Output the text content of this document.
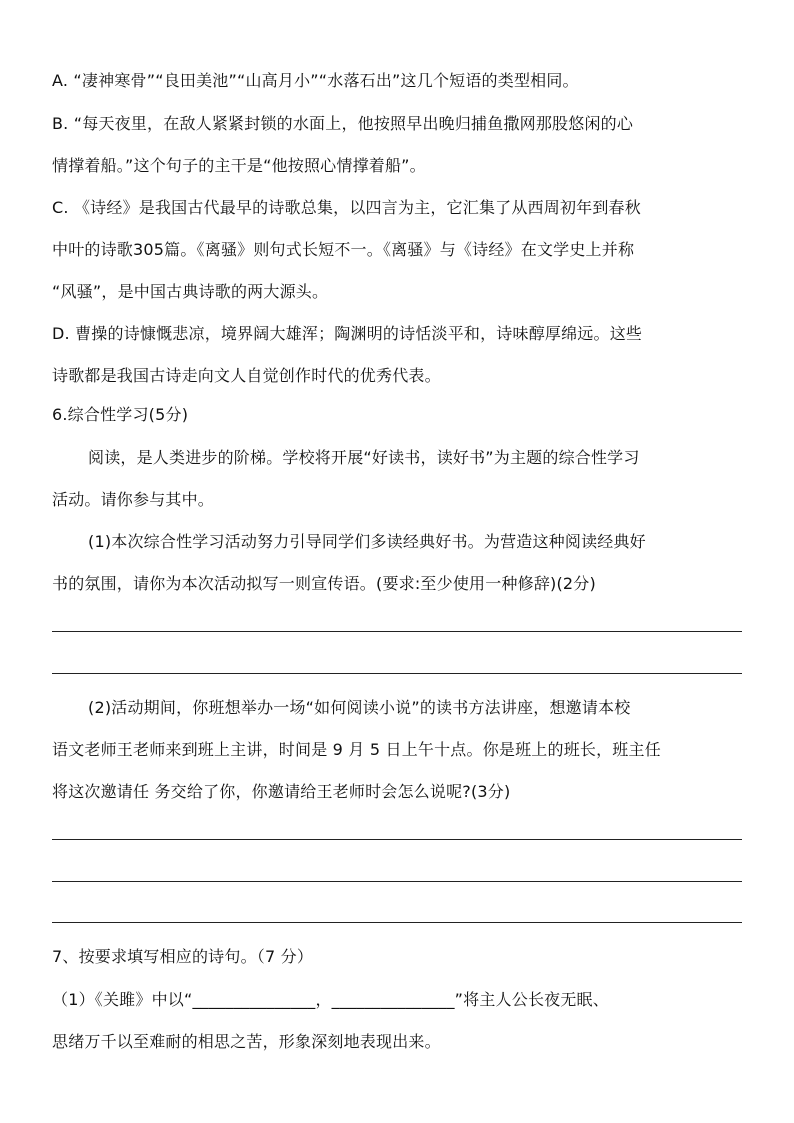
A. “凄神寒骨”“良田美池”“山高月小”“水落石出”这几个短语的类型相同。
B. “每天夜里，在敌人紧紧封锁的水面上，他按照早出晚归捕鱼撒网那股悠闲的心
情撑着船。”这个句子的主干是“他按照心情撑着船”。
C. 《诗经》是我国古代最早的诗歌总集，以四言为主，它汇集了从西周初年到春秋
中叶的诗歌305篇。《离骚》则句式长短不一。《离骚》与《诗经》在文学史上并称
“风骚”，是中国古典诗歌的两大源头。
D. 曹操的诗慷慨悲凉，境界阔大雄浑；陶渊明的诗恬淡平和，诗味醇厚绵远。这些
诗歌都是我国古诗走向文人自觉创作时代的优秀代表。
6.综合性学习(5分)
阅读，是人类进步的阶梯。学校将开展“好读书，读好书”为主题的综合性学习
活动。请你参与其中。
(1)本次综合性学习活动努力引导同学们多读经典好书。为营造这种阅读经典好
书的氛围，请你为本次活动拟写一则宣传语。(要求:至少使用一种修辞)(2分)
(2)活动期间，你班想举办一场“如何阅读小说”的读书方法讲座，想邀请本校
语文老师王老师来到班上主讲，时间是 9 月 5 日上午十点。你是班上的班长，班主任
将这次邀请任 务交给了你，你邀请给王老师时会怎么说呢?(3分)
7、按要求填写相应的诗句。（7 分）
（1）《关雎》中以“_______________，_______________”将主人公长夜无眠、
思绪万千以至难耐的相思之苦，形象深刻地表现出来。
